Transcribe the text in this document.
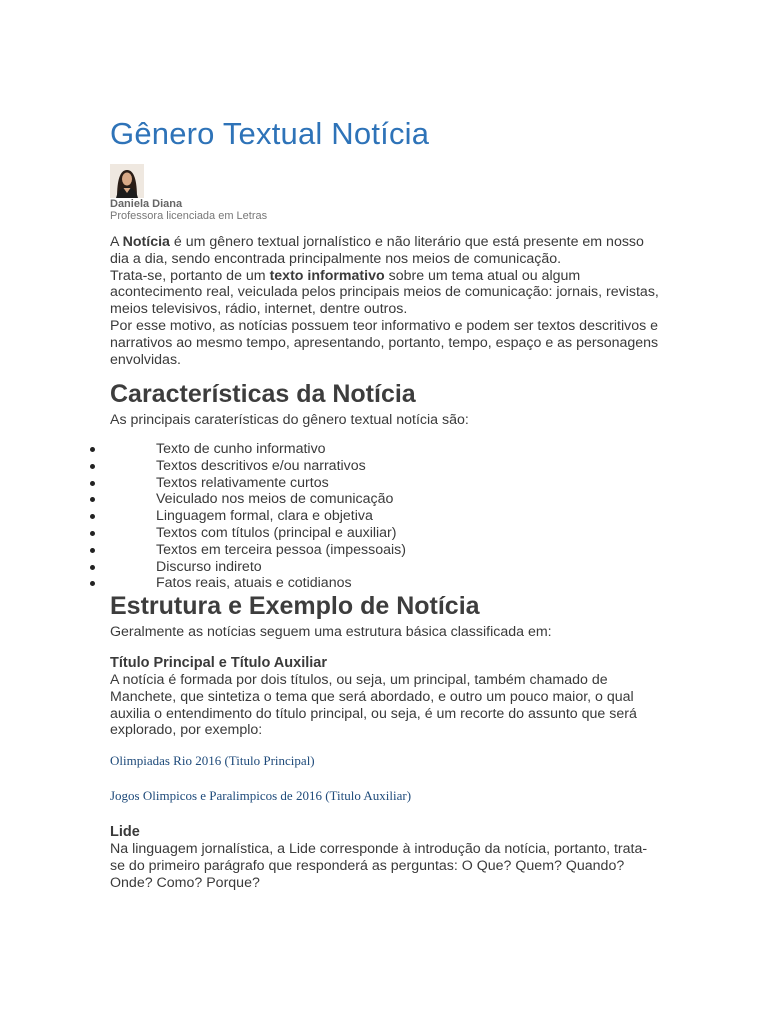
Gênero Textual Notícia
Daniela Diana
Professora licenciada em Letras

A Notícia é um gênero textual jornalístico e não literário que está presente em nosso dia a dia, sendo encontrada principalmente nos meios de comunicação.

Trata-se, portanto de um texto informativo sobre um tema atual ou algum acontecimento real, veiculada pelos principais meios de comunicação: jornais, revistas, meios televisivos, rádio, internet, dentre outros.

Por esse motivo, as notícias possuem teor informativo e podem ser textos descritivos e narrativos ao mesmo tempo, apresentando, portanto, tempo, espaço e as personagens envolvidas.

Características da Notícia

As principais caraterísticas do gênero textual notícia são:

Texto de cunho informativo
Textos descritivos e/ou narrativos
Textos relativamente curtos
Veiculado nos meios de comunicação
Linguagem formal, clara e objetiva
Textos com títulos (principal e auxiliar)
Textos em terceira pessoa (impessoais)
Discurso indireto
Fatos reais, atuais e cotidianos
Estrutura e Exemplo de Notícia

Geralmente as notícias seguem uma estrutura básica classificada em:

Título Principal e Título Auxiliar

A notícia é formada por dois títulos, ou seja, um principal, também chamado de Manchete, que sintetiza o tema que será abordado, e outro um pouco maior, o qual auxilia o entendimento do título principal, ou seja, é um recorte do assunto que será explorado, por exemplo:

Olimpiadas Rio 2016 (Titulo Principal)

Jogos Olimpicos e Paralimpicos de 2016 (Titulo Auxiliar)

Lide

Na linguagem jornalística, a Lide corresponde à introdução da notícia, portanto, trata-se do primeiro parágrafo que responderá as perguntas: O Que? Quem? Quando? Onde? Como? Porque?
